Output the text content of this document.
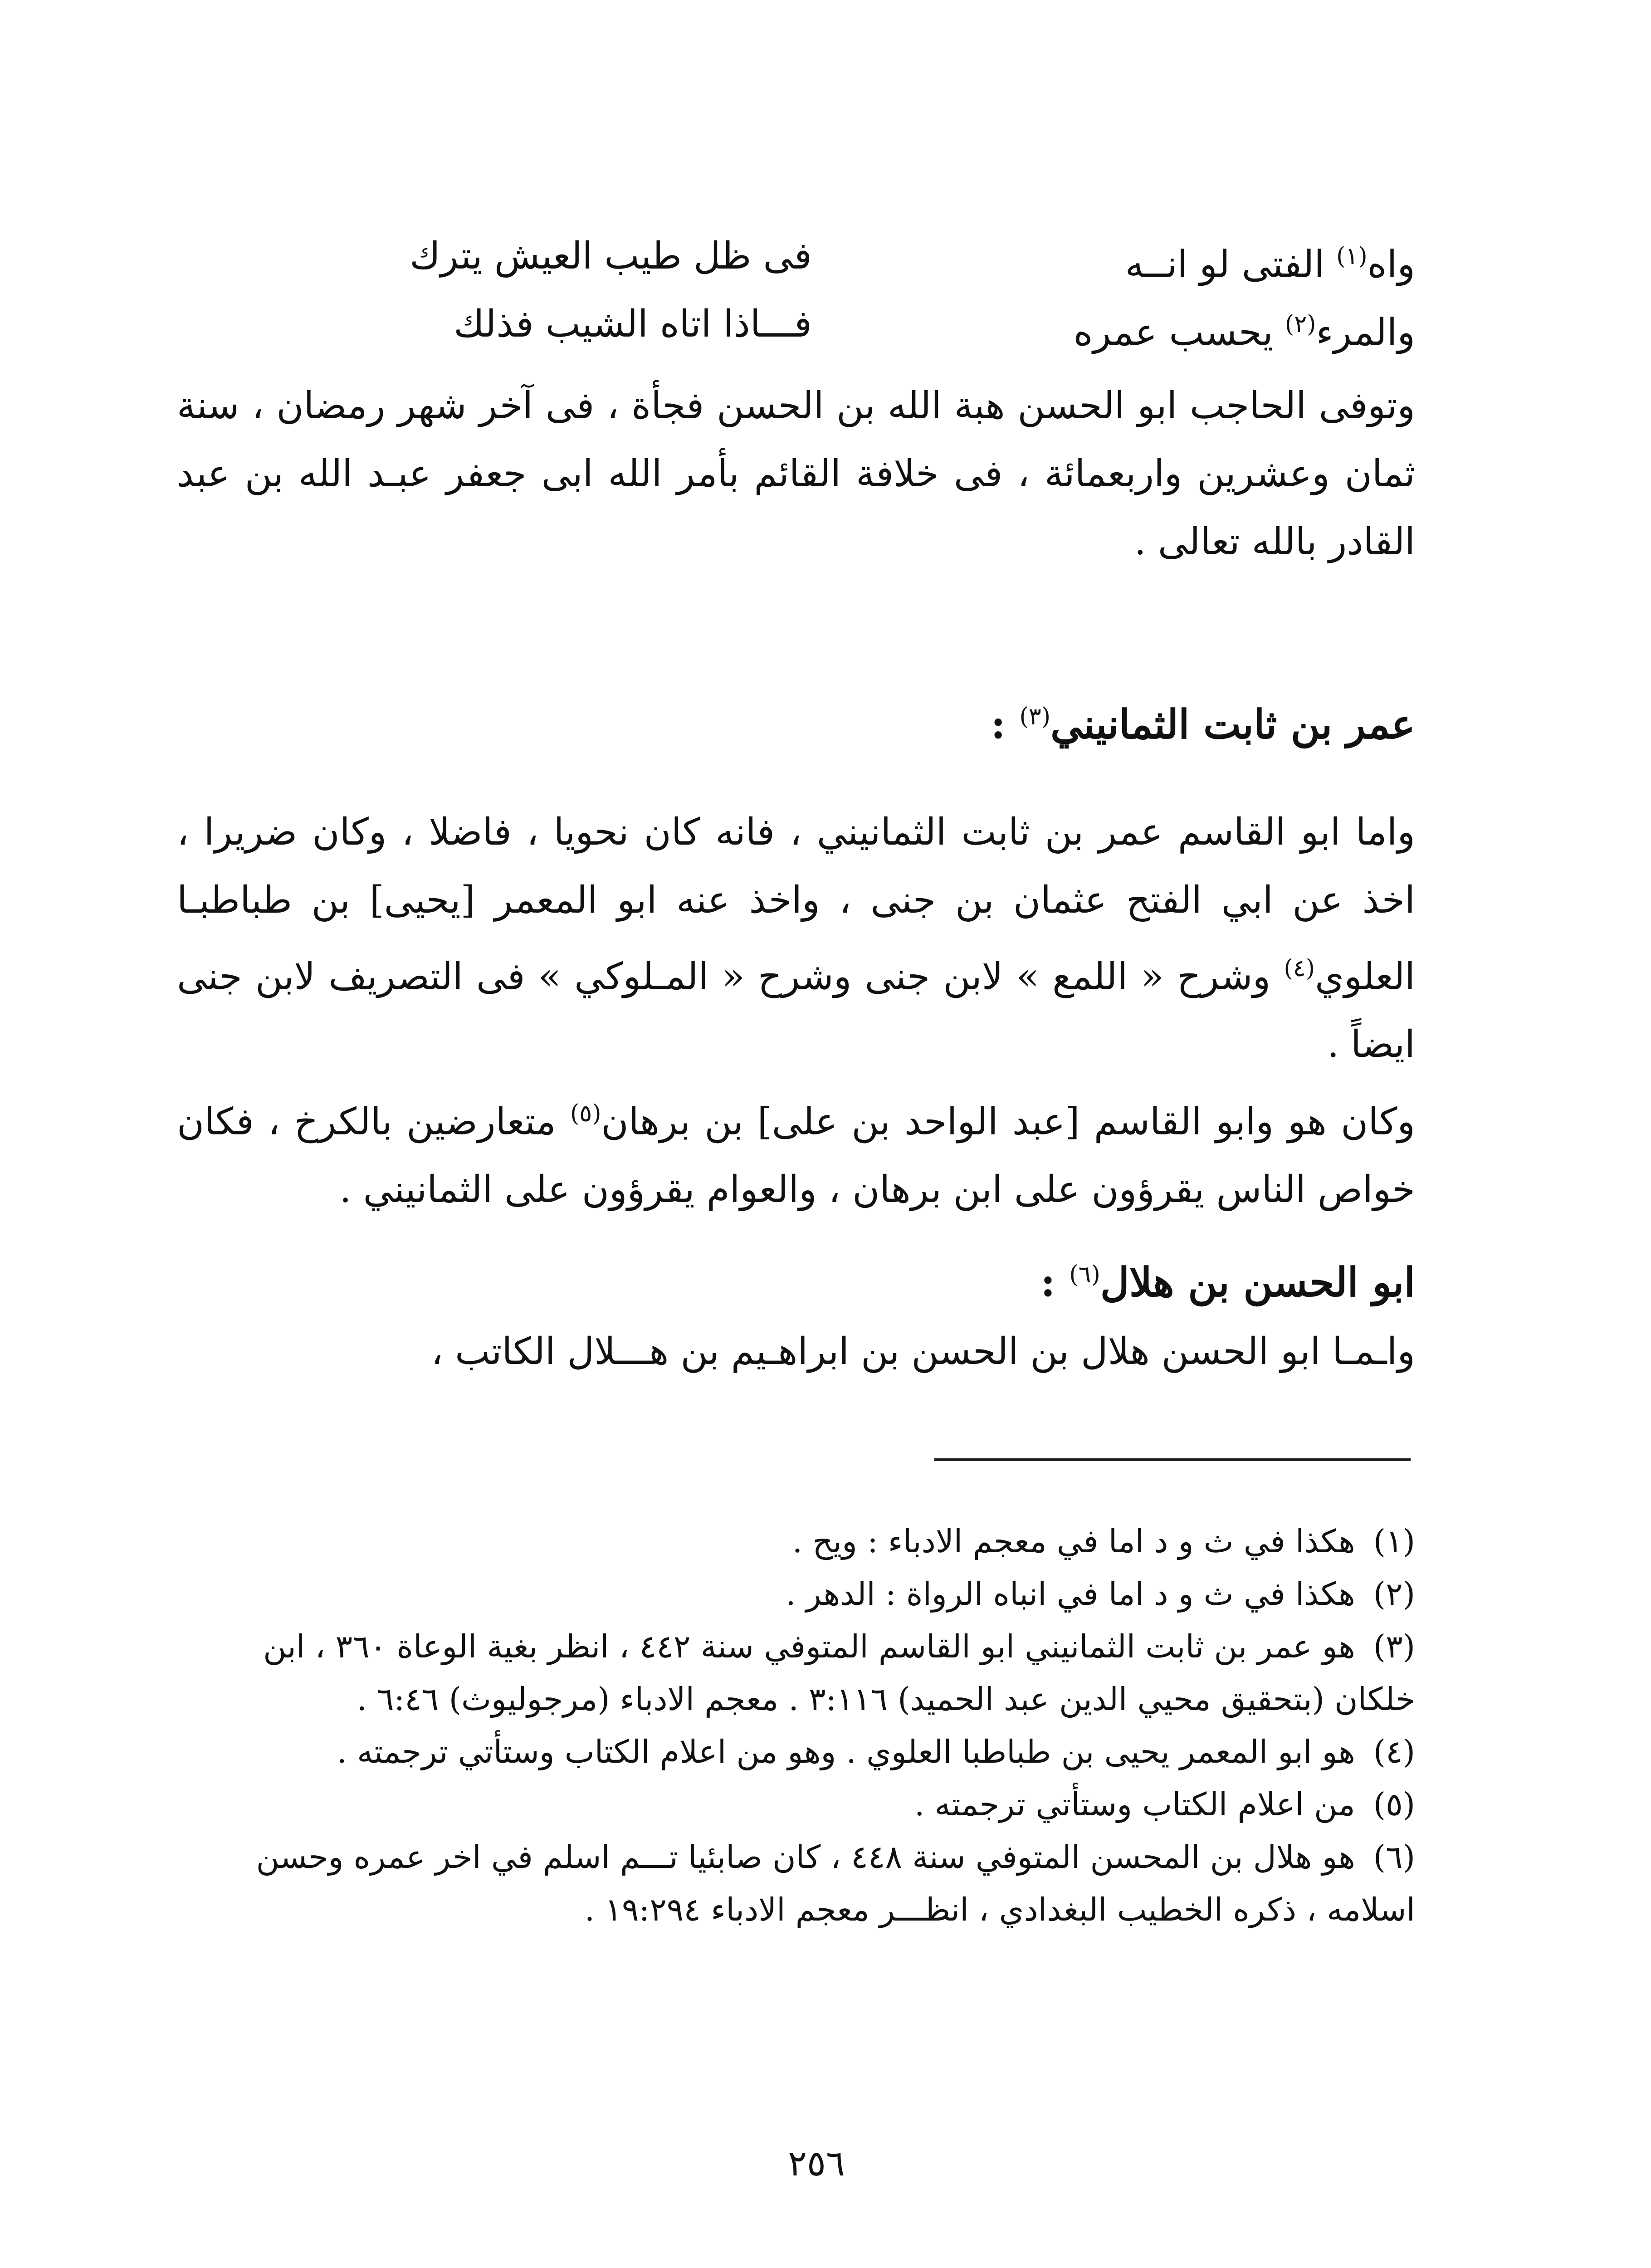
واه$^{(١)}$ الفتى لو انــه
فى ظل طيب العيش يترك
والمرء$^{(٢)}$ يحسب عمره
فـــاذا اتاه الشيب فذلك
وتوفى الحاجب ابو الحسن هبة الله بن الحسن فجأة ، فى آخر شهر رمضان ، سنة ثمان وعشرين واربعمائة ، فى خلافة القائم بأمر الله ابى جعفر عبـد الله بن عبد القادر بالله تعالى .
عمر بن ثابت الثمانيني$^{(٣)}$ :
واما ابو القاسم عمر بن ثابت الثمانيني ، فانه كان نحويا ، فاضلا ، وكان ضريرا ، اخذ عن ابي الفتح عثمان بن جنى ، واخذ عنه ابو المعمر [يحيى] بن طباطبـا العلوي$^{(٤)}$ وشرح « اللمع » لابن جنى وشرح « المـلوكي » فى التصريف لابن جنى ايضاً .
وكان هو وابو القاسم [عبد الواحد بن على] بن برهان$^{(٥)}$ متعارضين بالكرخ ، فكان خواص الناس يقرؤون على ابن برهان ، والعوام يقرؤون على الثمانيني .
ابو الحسن بن هلال$^{(٦)}$ :
واـمـا ابو الحسن هلال بن الحسن بن ابراهـيم بن هـــلال الكاتب ،

(١)هكذا في ث و د اما في معجم الادباء : ويح .

(٢)هكذا في ث و د اما في انباه الرواة : الدهر .

(٣)هو عمر بن ثابت الثمانيني ابو القاسم المتوفي سنة ٤٤٢ ، انظر بغية الوعاة ٣٦٠ ، ابن خلكان (بتحقيق محيي الدين عبد الحميد) ٣:١١٦ . معجم الادباء (مرجوليوث) ٦:٤٦ .

(٤)هو ابو المعمر يحيى بن طباطبا العلوي . وهو من اعلام الكتاب وستأتي ترجمته .

(٥)من اعلام الكتاب وستأتي ترجمته .

(٦)هو هلال بن المحسن المتوفي سنة ٤٤٨ ، كان صابئيا تـــم اسلم في اخر عمره وحسن اسلامه ، ذكره الخطيب البغدادي ، انظـــر معجم الادباء ١٩:٢٩٤ .

٢٥٦
